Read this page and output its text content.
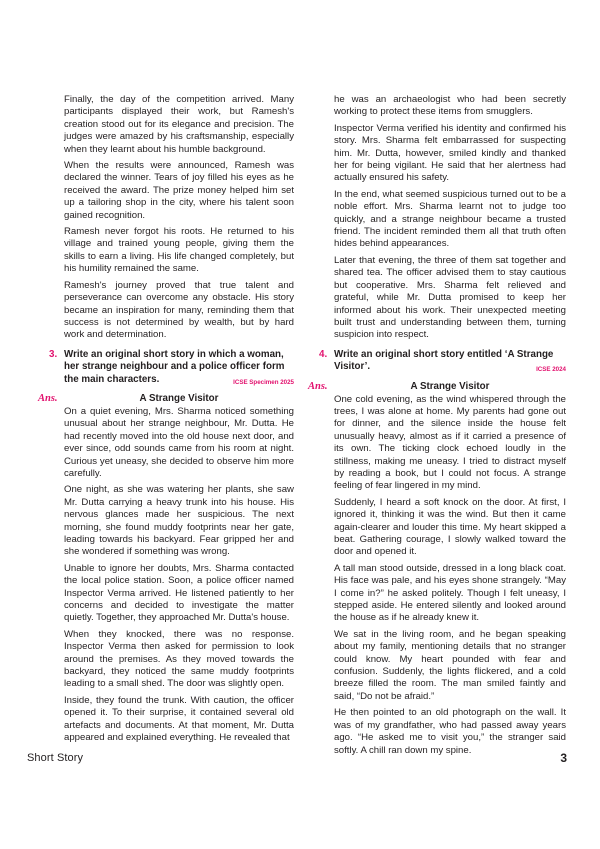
Finally, the day of the competition arrived. Many participants displayed their work, but Ramesh's creation stood out for its elegance and precision. The judges were amazed by his craftsmanship, especially when they learnt about his humble background.

When the results were announced, Ramesh was declared the winner. Tears of joy filled his eyes as he received the award. The prize money helped him set up a tailoring shop in the city, where his talent soon gained recognition.

Ramesh never forgot his roots. He returned to his village and trained young people, giving them the skills to earn a living. His life changed completely, but his humility remained the same.

Ramesh's journey proved that true talent and perseverance can overcome any obstacle. His story became an inspiration for many, reminding them that success is not determined by wealth, but by hard work and determination.

3. Write an original short story in which a woman, her strange neighbour and a police officer form the main characters.	ICSE Specimen 2025
Ans.	A Strange Visitor

On a quiet evening, Mrs. Sharma noticed something unusual about her strange neighbour, Mr. Dutta. He had recently moved into the old house next door, and ever since, odd sounds came from his room at night. Curious yet uneasy, she decided to observe him more carefully.

One night, as she was watering her plants, she saw Mr. Dutta carrying a heavy trunk into his house. His nervous glances made her suspicious. The next morning, she found muddy footprints near her gate, leading towards his backyard. Fear gripped her and she wondered if something was wrong.

Unable to ignore her doubts, Mrs. Sharma contacted the local police station. Soon, a police officer named Inspector Verma arrived. He listened patiently to her concerns and decided to investigate the matter quietly. Together, they approached Mr. Dutta's house.

When they knocked, there was no response. Inspector Verma then asked for permission to look around the premises. As they moved towards the backyard, they noticed the same muddy footprints leading to a small shed. The door was slightly open.

Inside, they found the trunk. With caution, the officer opened it. To their surprise, it contained several old artefacts and documents. At that moment, Mr. Dutta appeared and explained everything. He revealed that

he was an archaeologist who had been secretly working to protect these items from smugglers.

Inspector Verma verified his identity and confirmed his story. Mrs. Sharma felt embarrassed for suspecting him. Mr. Dutta, however, smiled kindly and thanked her for being vigilant. He said that her alertness had actually ensured his safety.

In the end, what seemed suspicious turned out to be a noble effort. Mrs. Sharma learnt not to judge too quickly, and a strange neighbour became a trusted friend. The incident reminded them all that truth often hides behind appearances.

Later that evening, the three of them sat together and shared tea. The officer advised them to stay cautious but cooperative. Mrs. Sharma felt relieved and grateful, while Mr. Dutta promised to keep her informed about his work. Their unexpected meeting built trust and understanding between them, turning suspicion into respect.

4. Write an original short story entitled ‘A Strange Visitor’.	ICSE 2024
Ans.	A Strange Visitor

One cold evening, as the wind whispered through the trees, I was alone at home. My parents had gone out for dinner, and the silence inside the house felt unusually heavy, almost as if it carried a presence of its own. The ticking clock echoed loudly in the stillness, making me uneasy. I tried to distract myself by reading a book, but I could not focus. A strange feeling of fear lingered in my mind.

Suddenly, I heard a soft knock on the door. At first, I ignored it, thinking it was the wind. But then it came again-clearer and louder this time. My heart skipped a beat. Gathering courage, I slowly walked toward the door and opened it.

A tall man stood outside, dressed in a long black coat. His face was pale, and his eyes shone strangely. “May I come in?” he asked politely. Though I felt uneasy, I stepped aside. He entered silently and looked around the house as if he already knew it.

We sat in the living room, and he began speaking about my family, mentioning details that no stranger could know. My heart pounded with fear and confusion. Suddenly, the lights flickered, and a cold breeze filled the room. The man smiled faintly and said, “Do not be afraid.”

He then pointed to an old photograph on the wall. It was of my grandfather, who had passed away years ago. “He asked me to visit you,” the stranger said softly. A chill ran down my spine.

Short Story	3
